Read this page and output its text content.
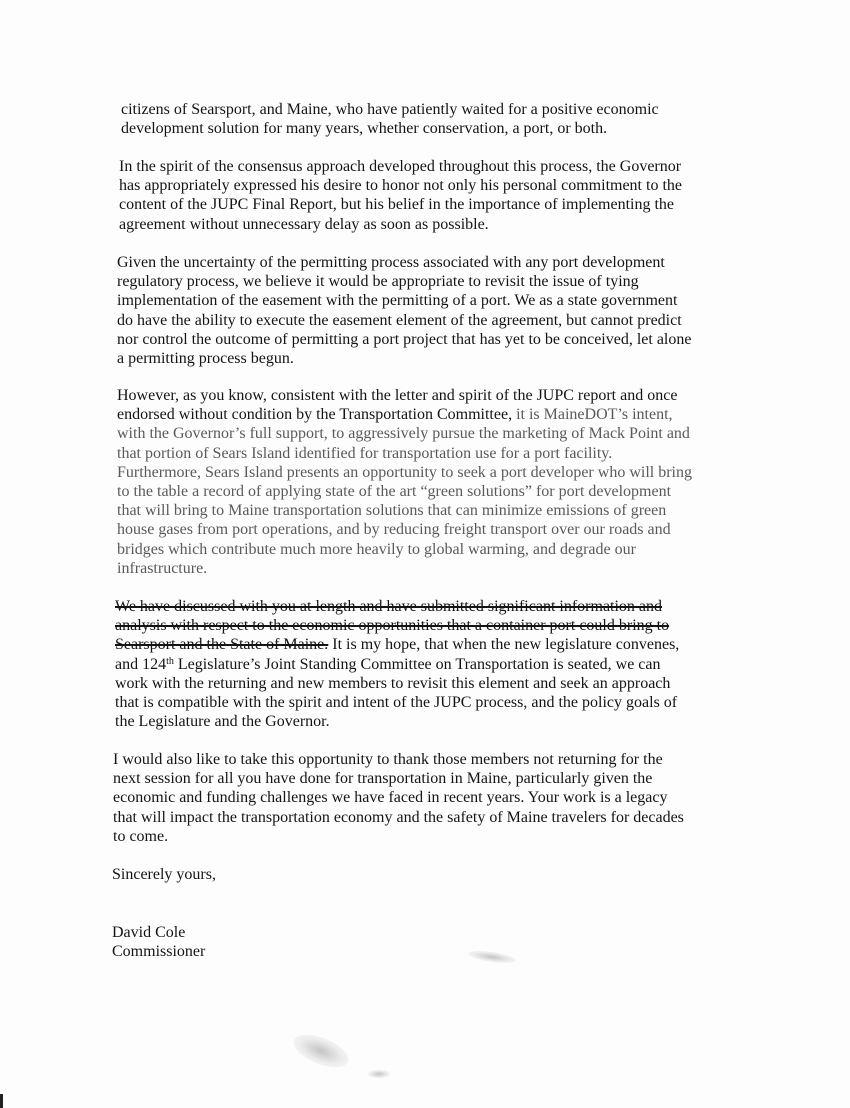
citizens of Searsport, and Maine, who have patiently waited for a positive economic
development solution for many years, whether conservation, a port, or both.

In the spirit of the consensus approach developed throughout this process, the Governor
has appropriately expressed his desire to honor not only his personal commitment to the
content of the JUPC Final Report, but his belief in the importance of implementing the
agreement without unnecessary delay as soon as possible.

Given the uncertainty of the permitting process associated with any port development
regulatory process, we believe it would be appropriate to revisit the issue of tying
implementation of the easement with the permitting of a port. We as a state government
do have the ability to execute the easement element of the agreement, but cannot predict
nor control the outcome of permitting a port project that has yet to be conceived, let alone
a permitting process begun.

However, as you know, consistent with the letter and spirit of the JUPC report and once
endorsed without condition by the Transportation Committee, it is MaineDOT’s intent,
with the Governor’s full support, to aggressively pursue the marketing of Mack Point and
that portion of Sears Island identified for transportation use for a port facility.
Furthermore, Sears Island presents an opportunity to seek a port developer who will bring
to the table a record of applying state of the art “green solutions” for port development
that will bring to Maine transportation solutions that can minimize emissions of green
house gases from port operations, and by reducing freight transport over our roads and
bridges which contribute much more heavily to global warming, and degrade our
infrastructure.

We have discussed with you at length and have submitted significant information and
analysis with respect to the economic opportunities that a container port could bring to
Searsport and the State of Maine. It is my hope, that when the new legislature convenes,
and 124th Legislature’s Joint Standing Committee on Transportation is seated, we can
work with the returning and new members to revisit this element and seek an approach
that is compatible with the spirit and intent of the JUPC process, and the policy goals of
the Legislature and the Governor.

I would also like to take this opportunity to thank those members not returning for the
next session for all you have done for transportation in Maine, particularly given the
economic and funding challenges we have faced in recent years. Your work is a legacy
that will impact the transportation economy and the safety of Maine travelers for decades
to come.

Sincerely yours,

David Cole
Commissioner
